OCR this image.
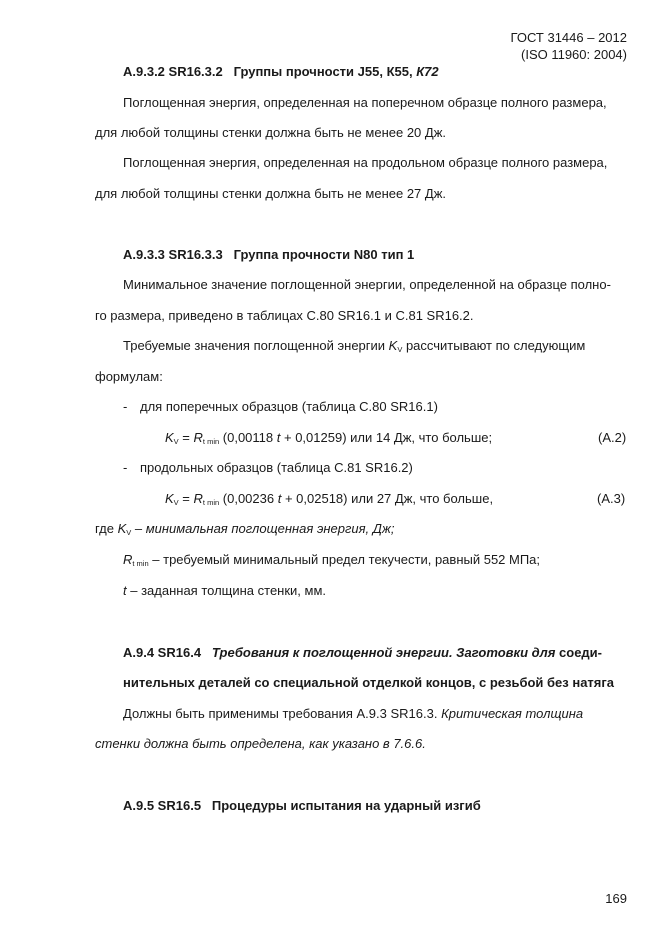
ГОСТ 31446 – 2012
(ISO 11960: 2004)
А.9.3.2 SR16.3.2 Группы прочности J55, К55, К72
Поглощенная энергия, определенная на поперечном образце полного размера,
для любой толщины стенки должна быть не менее 20 Дж.
Поглощенная энергия, определенная на продольном образце полного размера,
для любой толщины стенки должна быть не менее 27 Дж.
А.9.3.3 SR16.3.3 Группа прочности N80 тип 1
Минимальное значение поглощенной энергии, определенной на образце полно-
го размера, приведено в таблицах С.80 SR16.1 и С.81 SR16.2.
Требуемые значения поглощенной энергии $K_V$ рассчитывают по следующим
формулам:
- для поперечных образцов (таблица С.80 SR16.1)
$K_V = R_{t min}$ (0,00118 t + 0,01259) или 14 Дж, что больше;	(А.2)
- продольных образцов (таблица С.81 SR16.2)
$K_V = R_{t min}$ (0,00236 t + 0,02518) или 27 Дж, что больше,	(А.3)
где $K_V$ – минимальная поглощенная энергия, Дж;
$R_{t min}$ – требуемый минимальный предел текучести, равный 552 МПа;
t – заданная толщина стенки, мм.
А.9.4 SR16.4 Требования к поглощенной энергии. Заготовки для соеди-
нительных деталей со специальной отделкой концов, с резьбой без натяга
Должны быть применимы требования А.9.3 SR16.3. Критическая толщина
стенки должна быть определена, как указано в 7.6.6.
А.9.5 SR16.5 Процедуры испытания на ударный изгиб
169
